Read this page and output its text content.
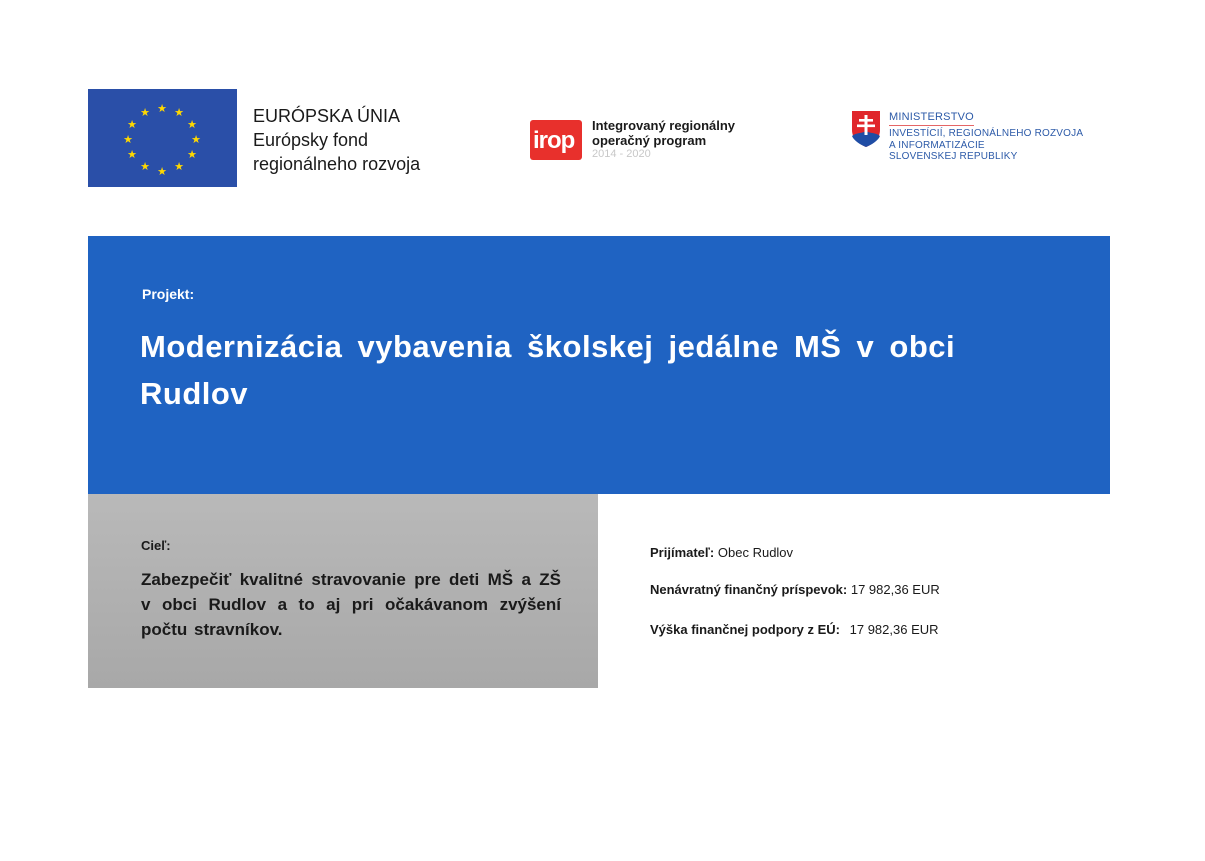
★ ★
★
★
★
★
★
★
★
★
★
★	EURÓPSKA ÚNIA
Európsky fond
regionálneho rozvoja
irop
Integrovaný regionálny
operačný program
2014 - 2020
MINISTERSTVO
INVESTÍCIÍ, REGIONÁLNEHO ROZVOJA
A INFORMATIZÁCIE
SLOVENSKEJ REPUBLIKY
Projekt:
Modernizácia vybavenia školskej jedálne MŠ v obci Rudlov
Cieľ:
Zabezpečiť kvalitné stravovanie pre deti MŠ a ZŠ v obci Rudlov a to aj pri očakávanom zvýšení počtu stravníkov.
Prijímateľ: Obec Rudlov
Nenávratný finančný príspevok: 17 982,36 EUR
Výška finančnej podpory z EÚ: 17 982,36 EUR
